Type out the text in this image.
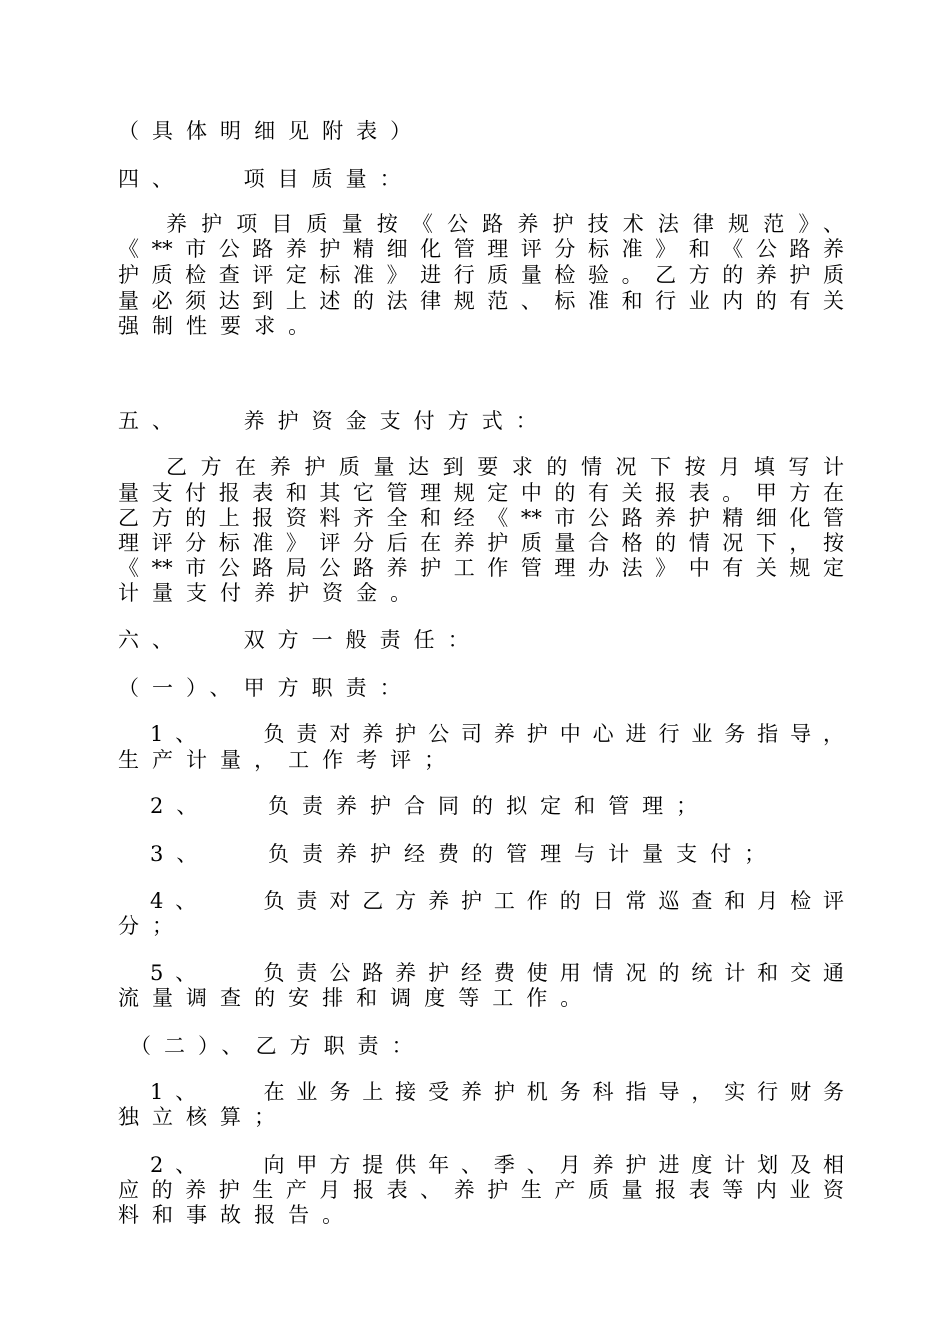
（具体明细见附表）
四、　　项目质量：
养护项目质量按《公路养护技术法律规范》、
《**市公路养护精细化管理评分标准》和《公路养
护质检查评定标准》进行质量检验。乙方的养护质
量必须达到上述的法律规范、标准和行业内的有关
强制性要求。
五、　　养护资金支付方式：
乙方在养护质量达到要求的情况下按月填写计
量支付报表和其它管理规定中的有关报表。甲方在
乙方的上报资料齐全和经《**市公路养护精细化管
理评分标准》评分后在养护质量合格的情况下，按
《**市公路局公路养护工作管理办法》中有关规定
计量支付养护资金。
六、　　双方一般责任：
（一）、甲方职责：
1、　　负责对养护公司养护中心进行业务指导，
生产计量，工作考评；
2、　　负责养护合同的拟定和管理；
3、　　负责养护经费的管理与计量支付；
4、　　负责对乙方养护工作的日常巡查和月检评
分；
5、　　负责公路养护经费使用情况的统计和交通
流量调查的安排和调度等工作。
（二）、乙方职责：
1、　　在业务上接受养护机务科指导，实行财务
独立核算；
2、　　向甲方提供年、季、月养护进度计划及相
应的养护生产月报表、养护生产质量报表等内业资
料和事故报告。
